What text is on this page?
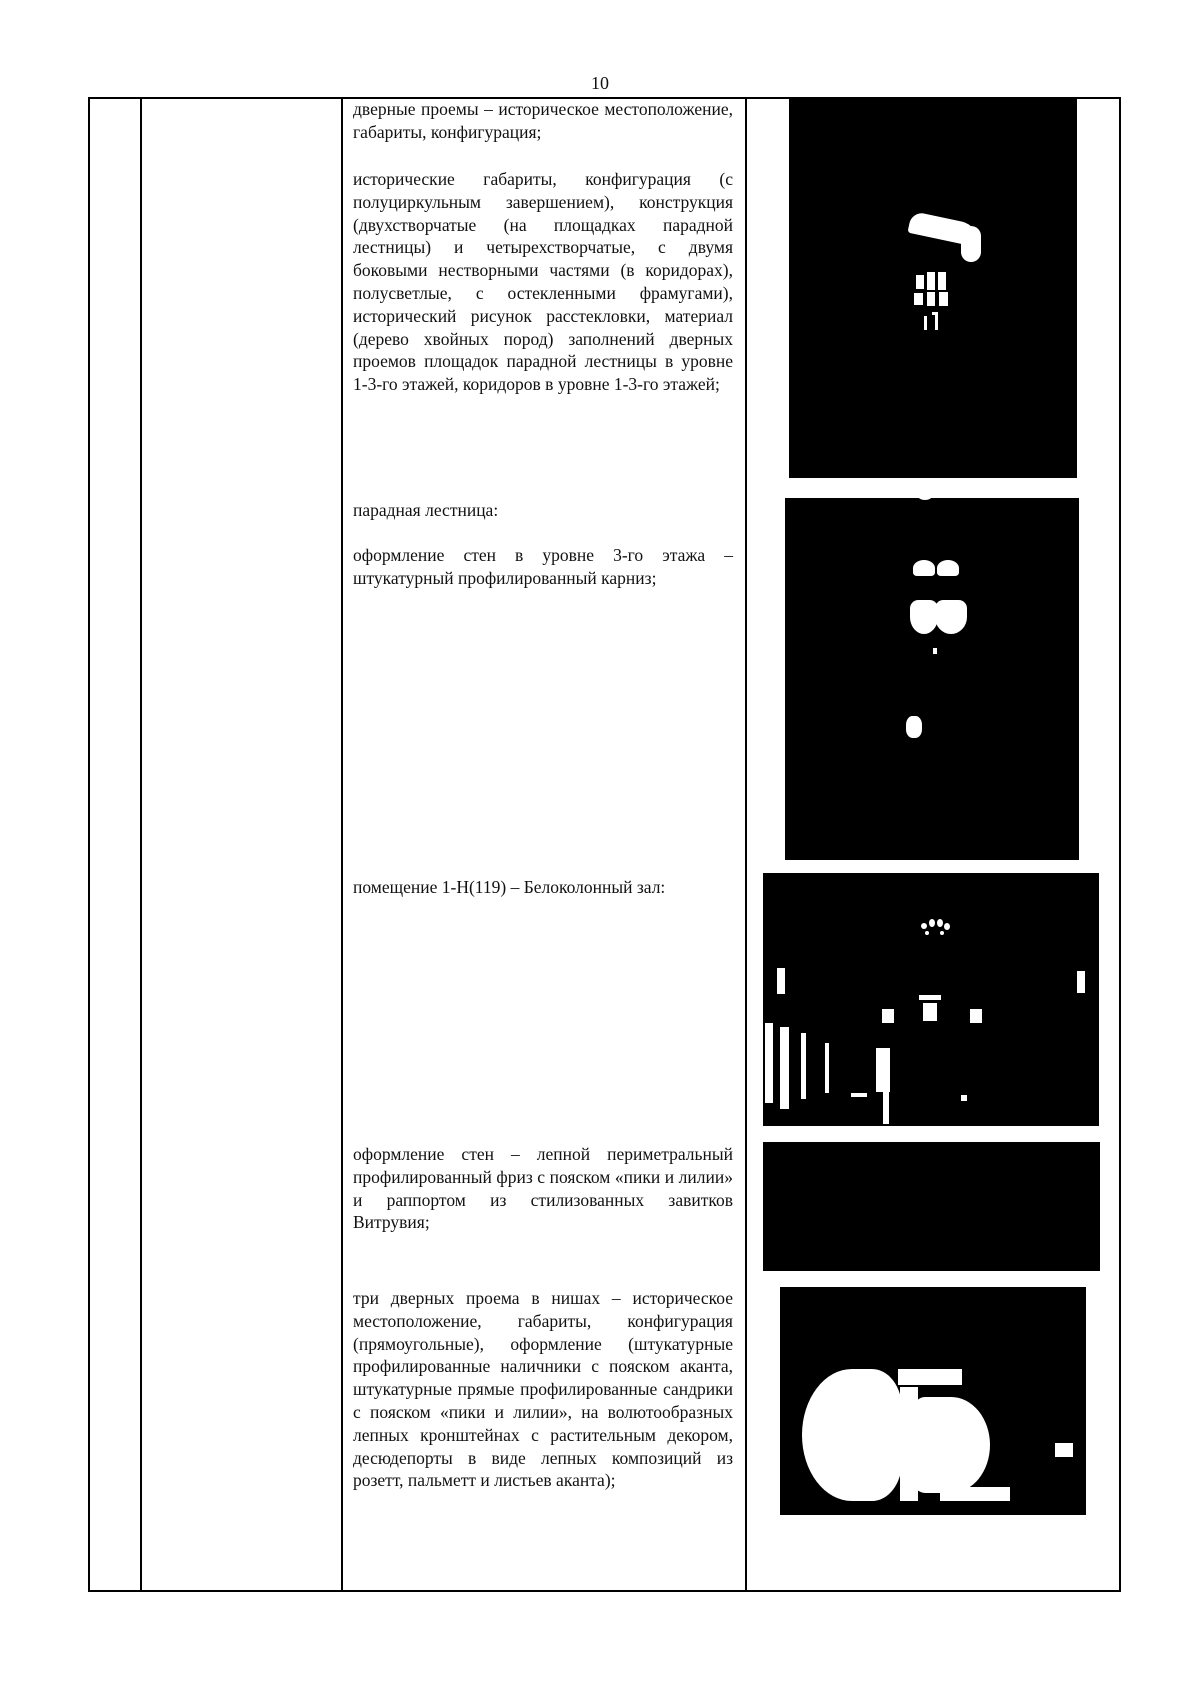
10

дверные проемы – историческое местоположение, габариты, конфигурация;

исторические габариты, конфигурация (с полуциркульным завершением), конструкция (двухстворчатые (на площадках парадной лестницы) и четырехстворчатые, с двумя боковыми нестворными частями (в коридорах), полусветлые, с остекленными фрамугами), исторический рисунок расстекловки, материал (дерево хвойных пород) заполнений дверных проемов площадок парадной лестницы в уровне 1-3-го этажей, коридоров в уровне 1-3-го этажей;

парадная лестница:

оформление стен в уровне 3-го этажа – штукатурный профилированный карниз;

помещение 1-Н(119) – Белоколонный зал:

оформление стен – лепной периметральный профилированный фриз с пояском «пики и лилии» и раппортом из стилизованных завитков Витрувия;

три дверных проема в нишах – историческое местоположение, габариты, конфигурация (прямоугольные), оформление (штукатурные профилированные наличники с пояском аканта, штукатурные прямые профилированные сандрики с пояском «пики и лилии», на волютообразных лепных кронштейнах с растительным декором, десюдепорты в виде лепных композиций из розетт, пальметт и листьев аканта);
